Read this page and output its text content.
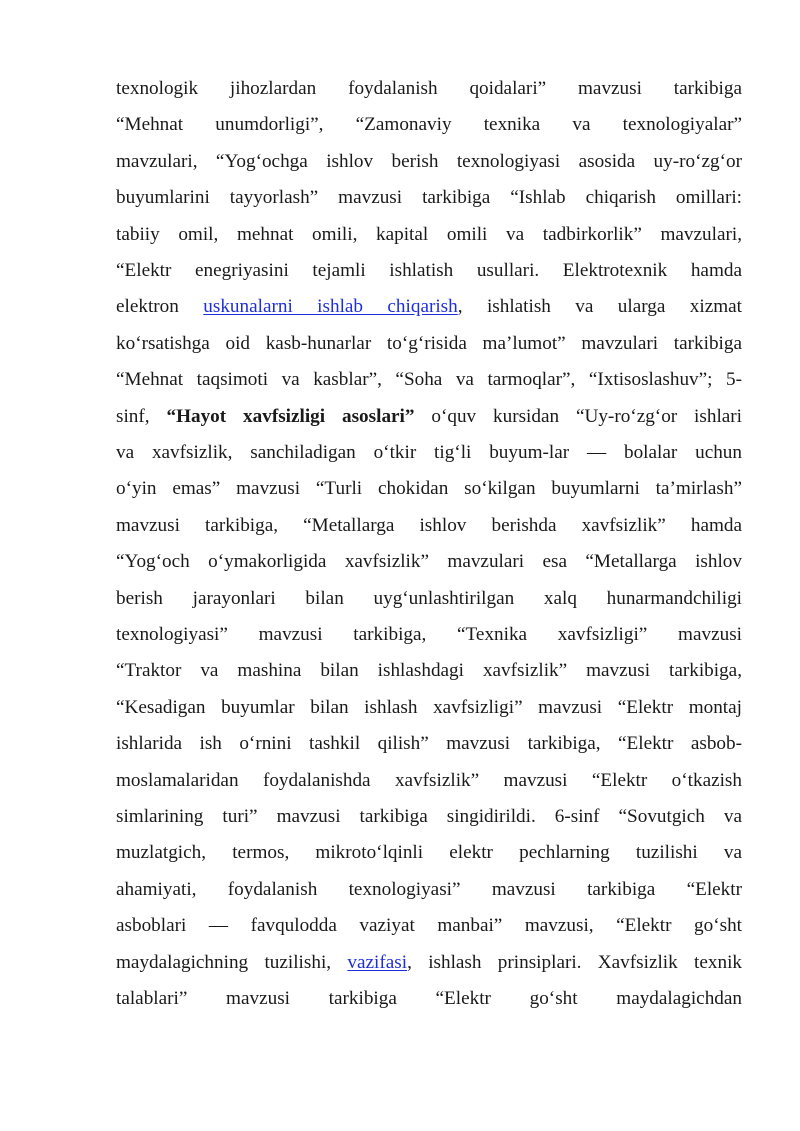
texnologik jihozlardan foydalanish qoidalari” mavzusi tarkibiga
“Mehnat unumdorligi”, “Zamonaviy texnika va texnologiyalar”
mavzulari, “Yog‘ochga ishlov berish texnologiyasi asosida uy-ro‘zg‘or
buyumlarini tayyorlash” mavzusi tarkibiga “Ishlab chiqarish omillari:
tabiiy omil, mehnat omili, kapital omili va tadbirkorlik” mavzulari,
“Elektr enegriyasini tejamli ishlatish usullari. Elektrotexnik hamda
elektron uskunalarni ishlab chiqarish, ishlatish va ularga xizmat
ko‘rsatishga oid kasb-hunarlar to‘g‘risida ma’lumot” mavzulari tarkibiga
“Mehnat taqsimoti va kasblar”, “Soha va tarmoqlar”, “Ixtisoslashuv”; 5-
sinf, “Hayot xavfsizligi asoslari” o‘quv kursidan “Uy-ro‘zg‘or ishlari
va xavfsizlik, sanchiladigan o‘tkir tig‘li buyum-lar — bolalar uchun
o‘yin emas” mavzusi “Turli chokidan so‘kilgan buyumlarni ta’mirlash”
mavzusi tarkibiga, “Metallarga ishlov berishda xavfsizlik” hamda
“Yog‘och o‘ymakorligida xavfsizlik” mavzulari esa “Metallarga ishlov
berish jarayonlari bilan uyg‘unlashtirilgan xalq hunarmandchiligi
texnologiyasi” mavzusi tarkibiga, “Texnika xavfsizligi” mavzusi
“Traktor va mashina bilan ishlashdagi xavfsizlik” mavzusi tarkibiga,
“Kesadigan buyumlar bilan ishlash xavfsizligi” mavzusi “Elektr montaj
ishlarida ish o‘rnini tashkil qilish” mavzusi tarkibiga, “Elektr asbob-
moslamalaridan foydalanishda xavfsizlik” mavzusi “Elektr o‘tkazish
simlarining turi” mavzusi tarkibiga singidirildi. 6-sinf “Sovutgich va
muzlatgich, termos, mikroto‘lqinli elektr pechlarning tuzilishi va
ahamiyati, foydalanish texnologiyasi” mavzusi tarkibiga “Elektr
asboblari — favqulodda vaziyat manbai” mavzusi, “Elektr go‘sht
maydalagichning tuzilishi, vazifasi, ishlash prinsiplari. Xavfsizlik texnik
talablari” mavzusi tarkibiga “Elektr go‘sht maydalagichdan
